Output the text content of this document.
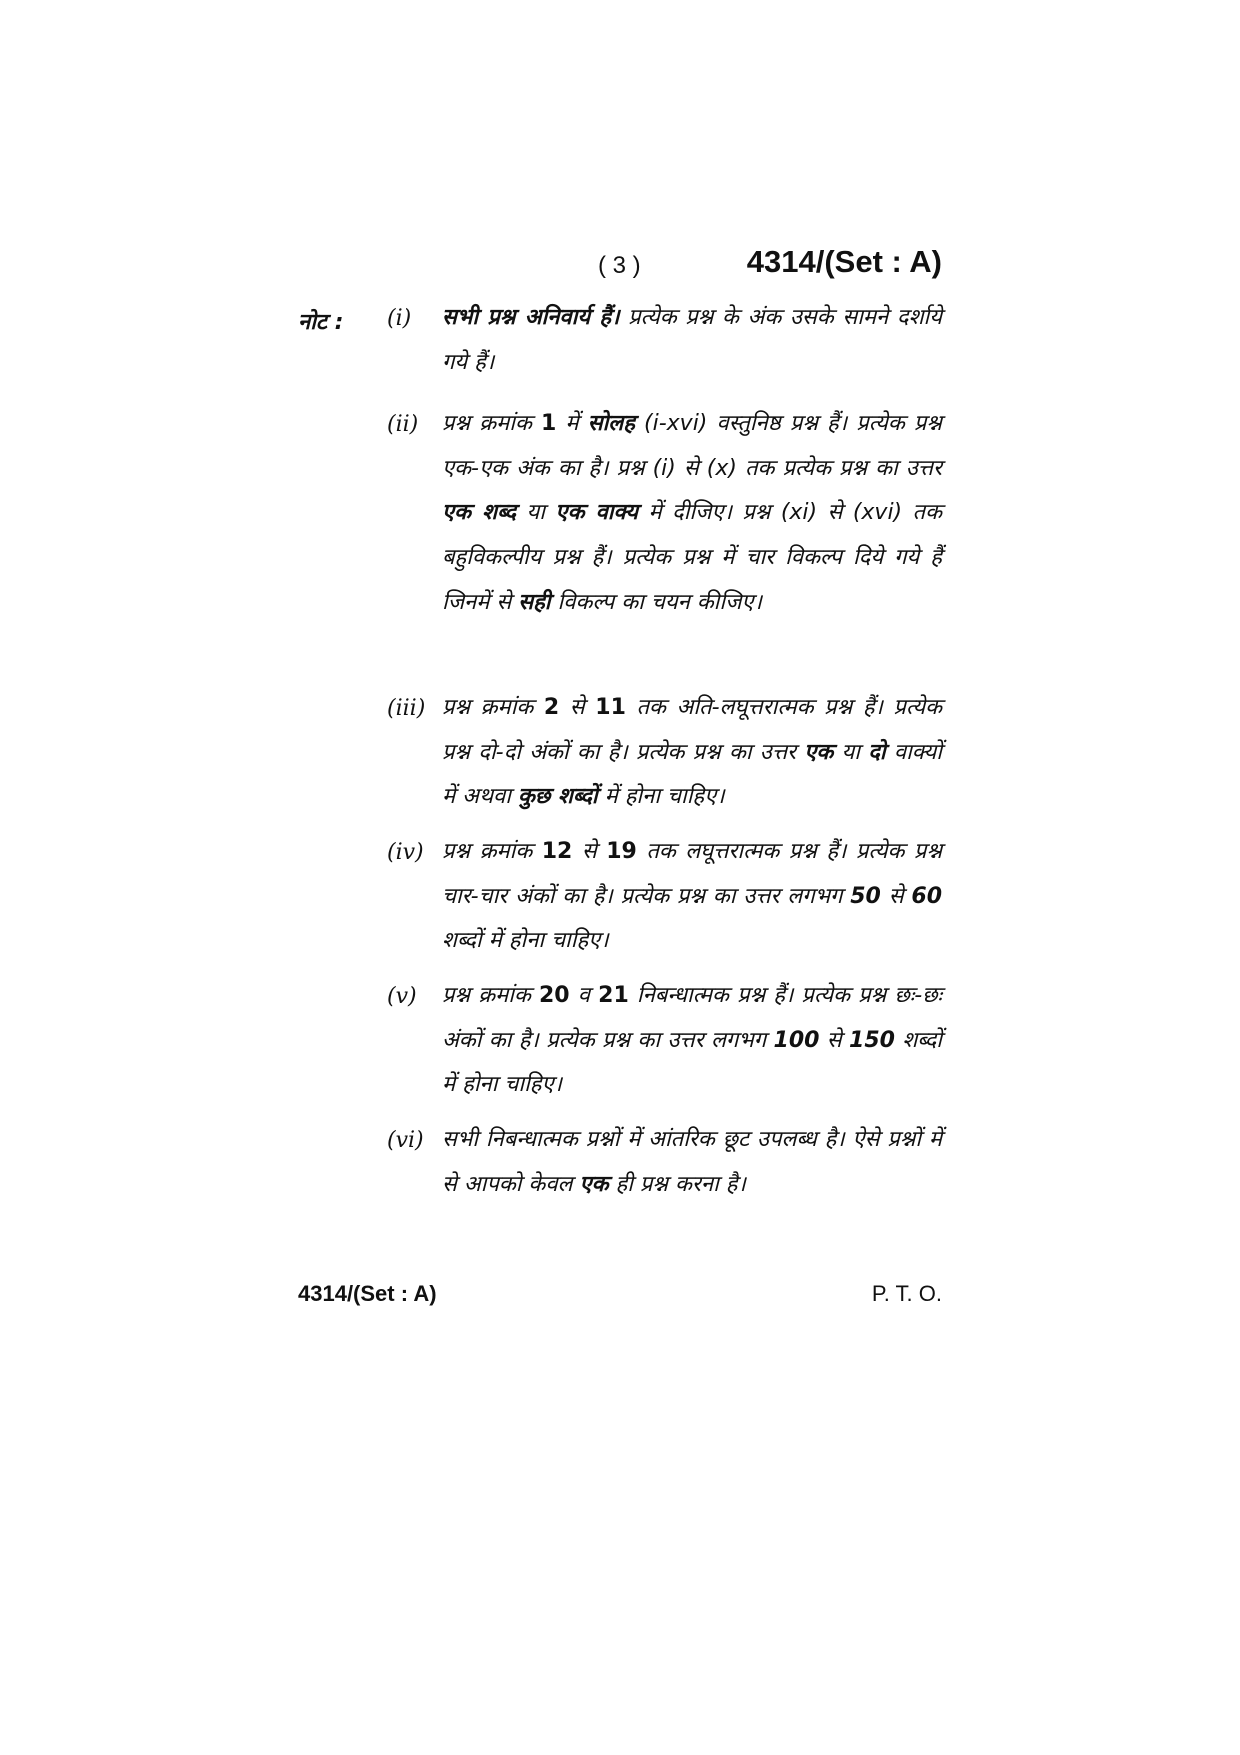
( 3 )	4314/(Set : A)
नोट : (i) सभी प्रश्न अनिवार्य हैं। प्रत्येक प्रश्न के अंक उसके सामने दर्शाये गये हैं।

(ii) प्रश्न क्रमांक 1 में सोलह (i-xvi) वस्तुनिष्ठ प्रश्न हैं। प्रत्येक प्रश्न एक-एक अंक का है। प्रश्न (i) से (x) तक प्रत्येक प्रश्न का उत्तर एक शब्द या एक वाक्य में दीजिए। प्रश्न (xi) से (xvi) तक बहुविकल्पीय प्रश्न हैं। प्रत्येक प्रश्न में चार विकल्प दिये गये हैं जिनमें से सही विकल्प का चयन कीजिए।

(iii) प्रश्न क्रमांक 2 से 11 तक अति-लघूत्तरात्मक प्रश्न हैं। प्रत्येक प्रश्न दो-दो अंकों का है। प्रत्येक प्रश्न का उत्तर एक या दो वाक्यों में अथवा कुछ शब्दों में होना चाहिए।

(iv) प्रश्न क्रमांक 12 से 19 तक लघूत्तरात्मक प्रश्न हैं। प्रत्येक प्रश्न चार-चार अंकों का है। प्रत्येक प्रश्न का उत्तर लगभग 50 से 60 शब्दों में होना चाहिए।

(v) प्रश्न क्रमांक 20 व 21 निबन्धात्मक प्रश्न हैं। प्रत्येक प्रश्न छः-छः अंकों का है। प्रत्येक प्रश्न का उत्तर लगभग 100 से 150 शब्दों में होना चाहिए।

(vi) सभी निबन्धात्मक प्रश्नों में आंतरिक छूट उपलब्ध है। ऐसे प्रश्नों में से आपको केवल एक ही प्रश्न करना है।

4314/(Set : A)	P. T. O.
